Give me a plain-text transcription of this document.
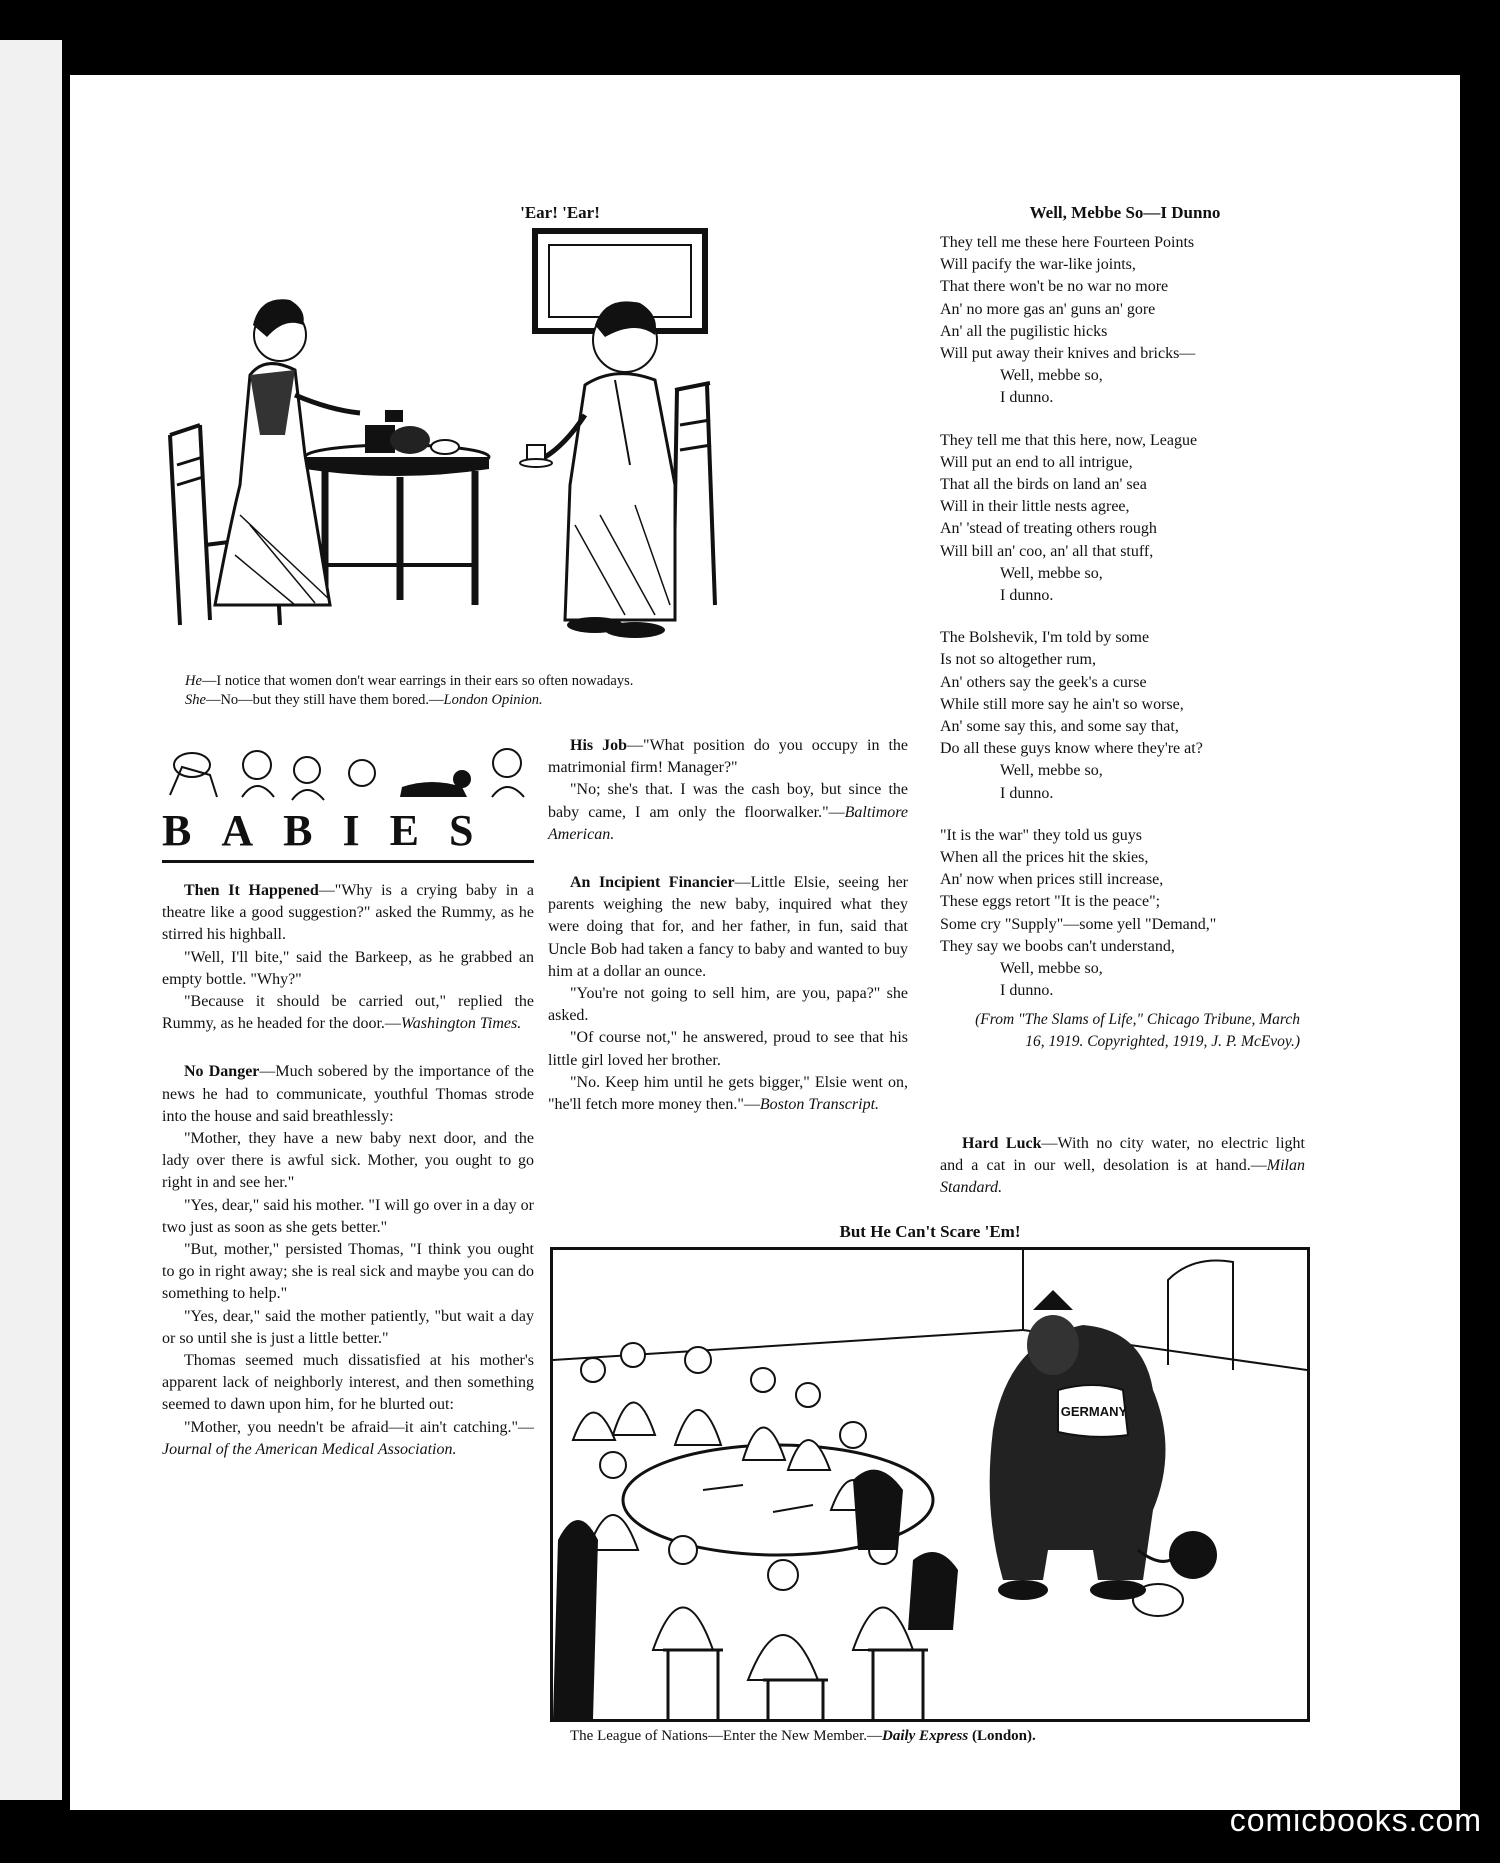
'Ear! 'Ear!
He—I notice that women don't wear earrings in their ears so often nowadays.
She—No—but they still have them bored.—London Opinion.
BABIES

Then It Happened—"Why is a crying baby in a theatre like a good suggestion?" asked the Rummy, as he stirred his highball.

"Well, I'll bite," said the Barkeep, as he grabbed an empty bottle. "Why?"

"Because it should be carried out," replied the Rummy, as he headed for the door.—Washington Times.

No Danger—Much sobered by the importance of the news he had to communicate, youthful Thomas strode into the house and said breathlessly:

"Mother, they have a new baby next door, and the lady over there is awful sick. Mother, you ought to go right in and see her."

"Yes, dear," said his mother. "I will go over in a day or two just as soon as she gets better."

"But, mother," persisted Thomas, "I think you ought to go in right away; she is real sick and maybe you can do something to help."

"Yes, dear," said the mother patiently, "but wait a day or so until she is just a little better."

Thomas seemed much dissatisfied at his mother's apparent lack of neighborly interest, and then something seemed to dawn upon him, for he blurted out:

"Mother, you needn't be afraid—it ain't catching."—Journal of the American Medical Association.

His Job—"What position do you occupy in the matrimonial firm! Manager?"

"No; she's that. I was the cash boy, but since the baby came, I am only the floorwalker."—Baltimore American.

An Incipient Financier—Little Elsie, seeing her parents weighing the new baby, inquired what they were doing that for, and her father, in fun, said that Uncle Bob had taken a fancy to baby and wanted to buy him at a dollar an ounce.

"You're not going to sell him, are you, papa?" she asked.

"Of course not," he answered, proud to see that his little girl loved her brother.

"No. Keep him until he gets bigger," Elsie went on, "he'll fetch more money then."—Boston Transcript.

Well, Mebbe So—I Dunno
They tell me these here Fourteen Points
Will pacify the war-like joints,
That there won't be no war no more
An' no more gas an' guns an' gore
An' all the pugilistic hicks
Will put away their knives and bricks—
Well, mebbe so,
I dunno.
They tell me that this here, now, League
Will put an end to all intrigue,
That all the birds on land an' sea
Will in their little nests agree,
An' 'stead of treating others rough
Will bill an' coo, an' all that stuff,
Well, mebbe so,
I dunno.
The Bolshevik, I'm told by some
Is not so altogether rum,
An' others say the geek's a curse
While still more say he ain't so worse,
An' some say this, and some say that,
Do all these guys know where they're at?
Well, mebbe so,
I dunno.
"It is the war" they told us guys
When all the prices hit the skies,
An' now when prices still increase,
These eggs retort "It is the peace";
Some cry "Supply"—some yell "Demand,"
They say we boobs can't understand,
Well, mebbe so,
I dunno.
(From "The Slams of Life," Chicago Tribune, March 16, 1919. Copyrighted, 1919, J. P. McEvoy.)

Hard Luck—With no city water, no electric light and a cat in our well, desolation is at hand.—Milan Standard.

But He Can't Scare 'Em!
GERMANY
The League of Nations—Enter the New Member.—Daily Express (London).
comicbooks.com
